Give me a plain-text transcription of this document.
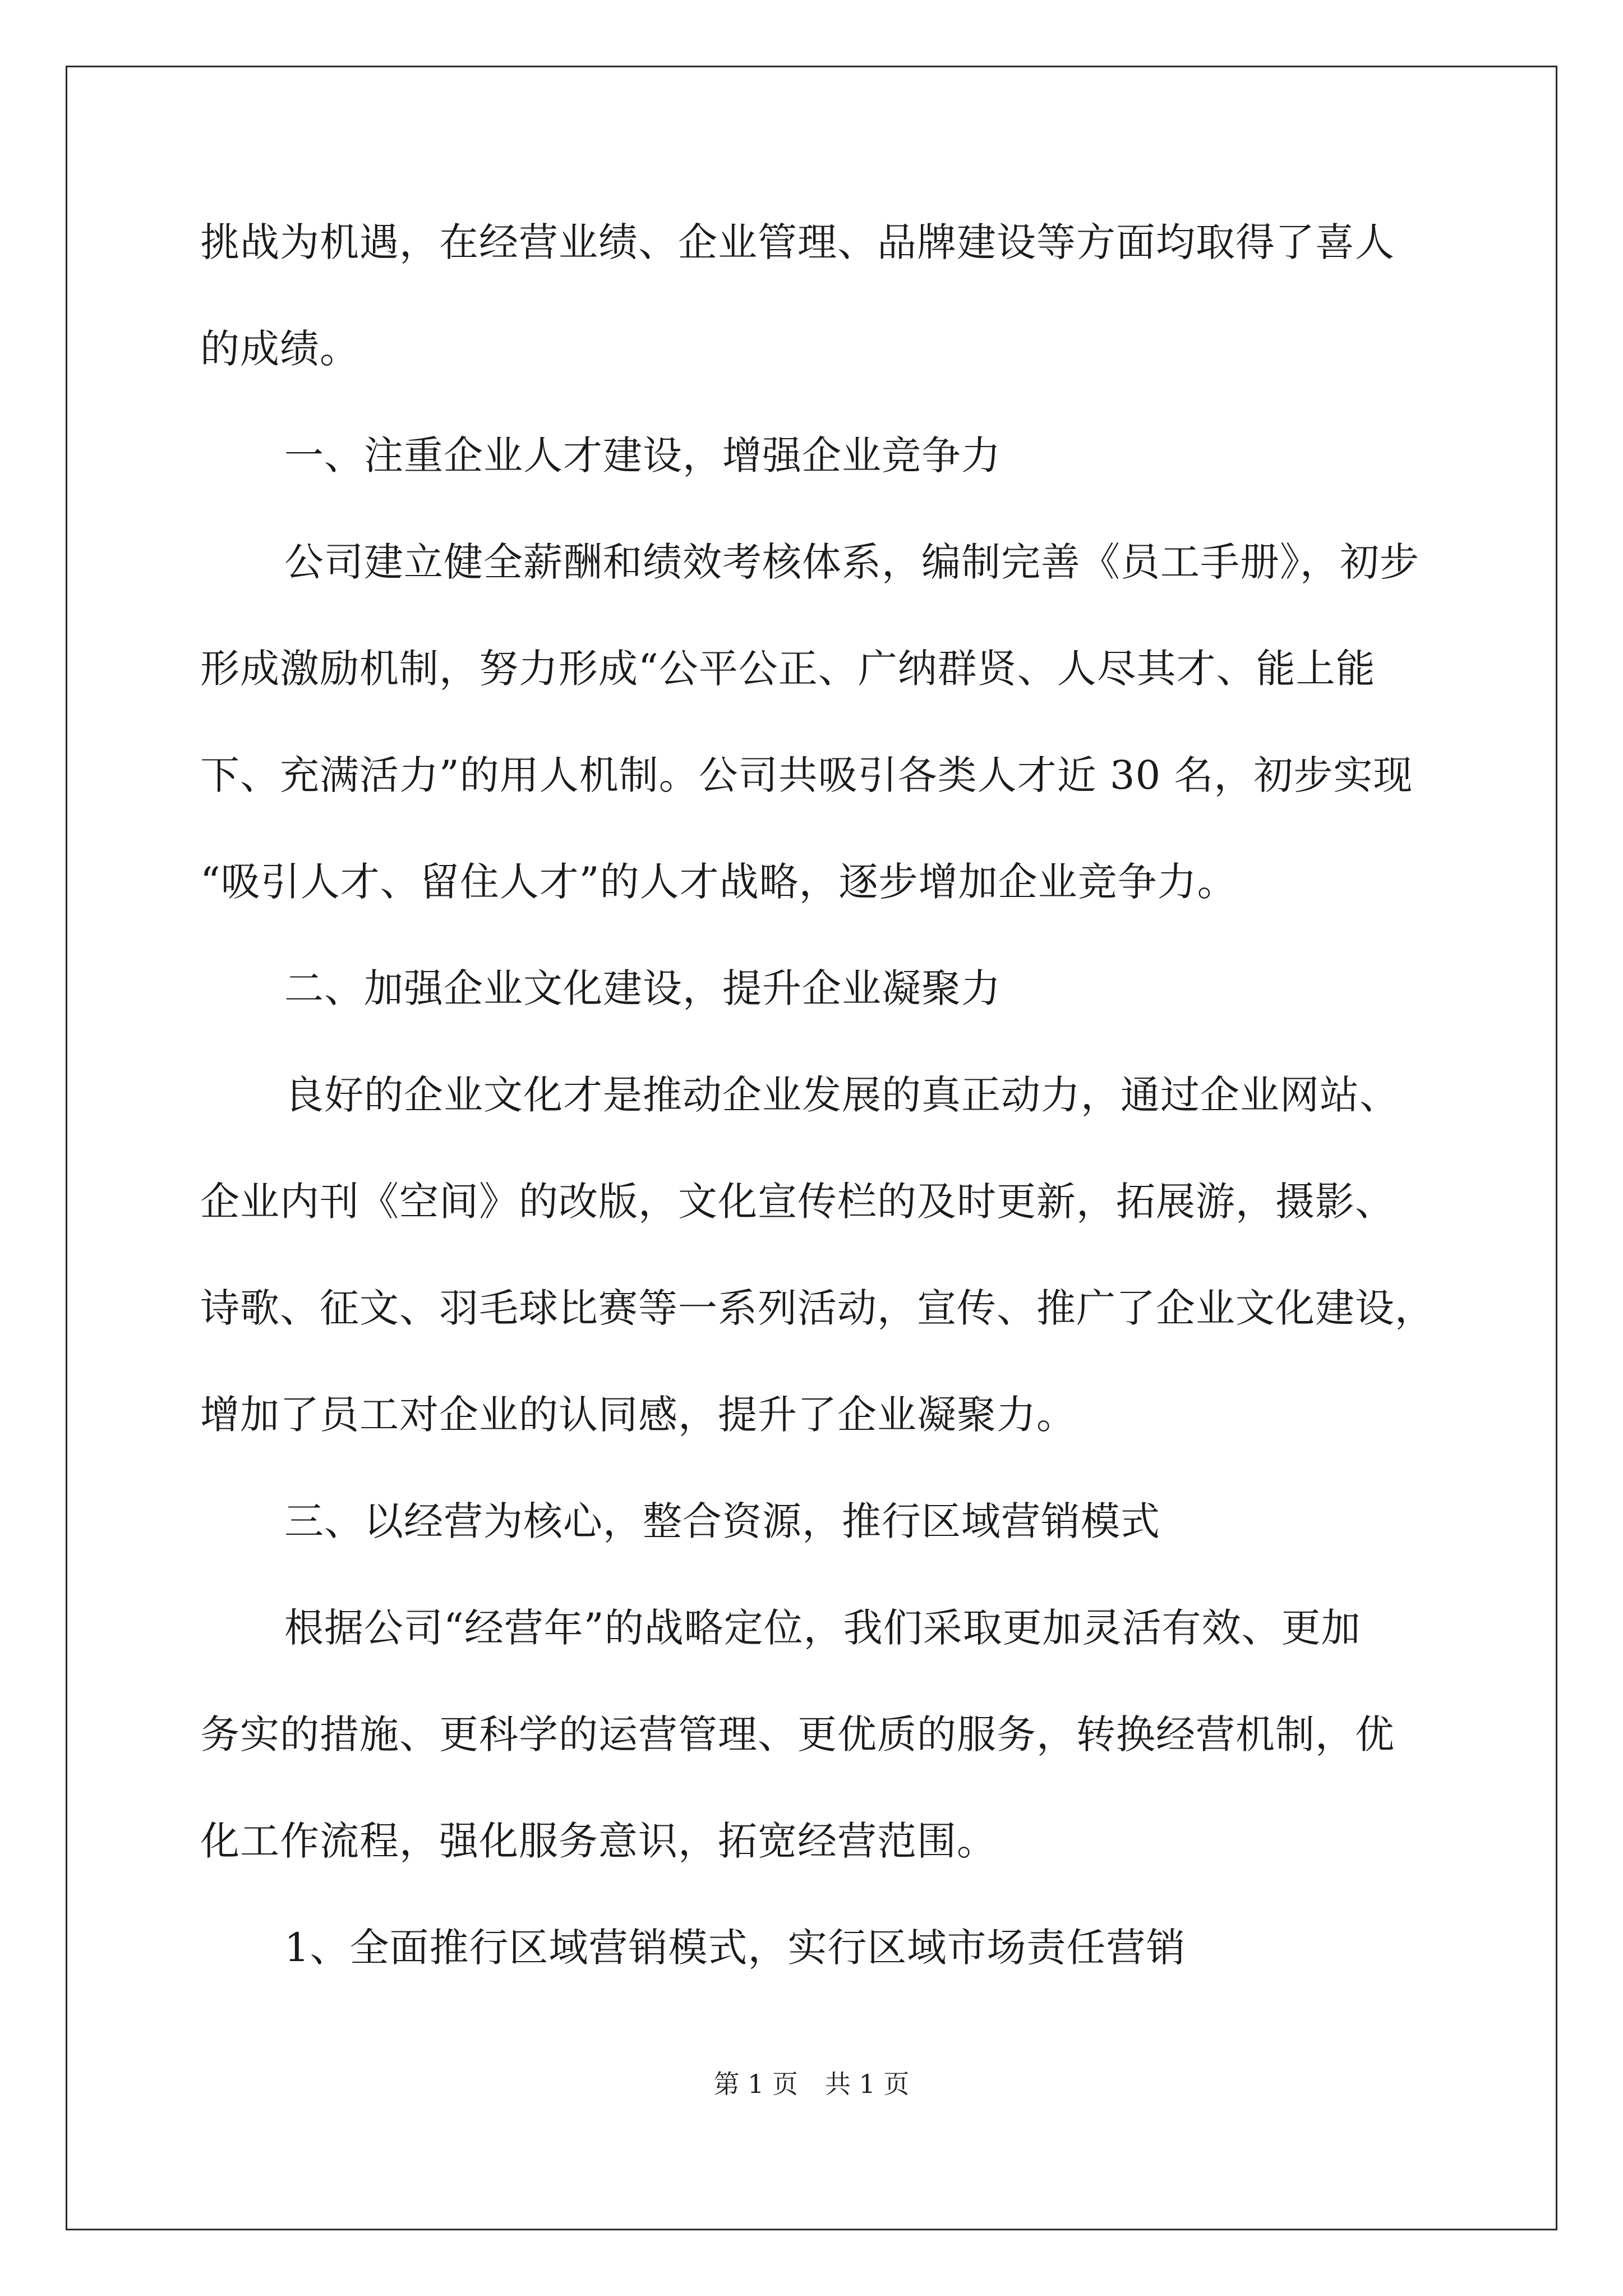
挑战为机遇，在经营业绩、企业管理、品牌建设等方面均取得了喜人
的成绩。
一、注重企业人才建设，增强企业竞争力
公司建立健全薪酬和绩效考核体系，编制完善《员工手册》，初步
形成激励机制，努力形成“公平公正、广纳群贤、人尽其才、能上能
下、充满活力”的用人机制。公司共吸引各类人才近 30 名，初步实现
“吸引人才、留住人才”的人才战略，逐步增加企业竞争力。
二、加强企业文化建设，提升企业凝聚力
良好的企业文化才是推动企业发展的真正动力，通过企业网站、
企业内刊《空间》的改版，文化宣传栏的及时更新，拓展游，摄影、
诗歌、征文、羽毛球比赛等一系列活动，宣传、推广了企业文化建设，
增加了员工对企业的认同感，提升了企业凝聚力。
三、以经营为核心，整合资源，推行区域营销模式
根据公司“经营年”的战略定位，我们采取更加灵活有效、更加
务实的措施、更科学的运营管理、更优质的服务，转换经营机制，优
化工作流程，强化服务意识，拓宽经营范围。
1、全面推行区域营销模式，实行区域市场责任营销
第 1 页 共 1 页
